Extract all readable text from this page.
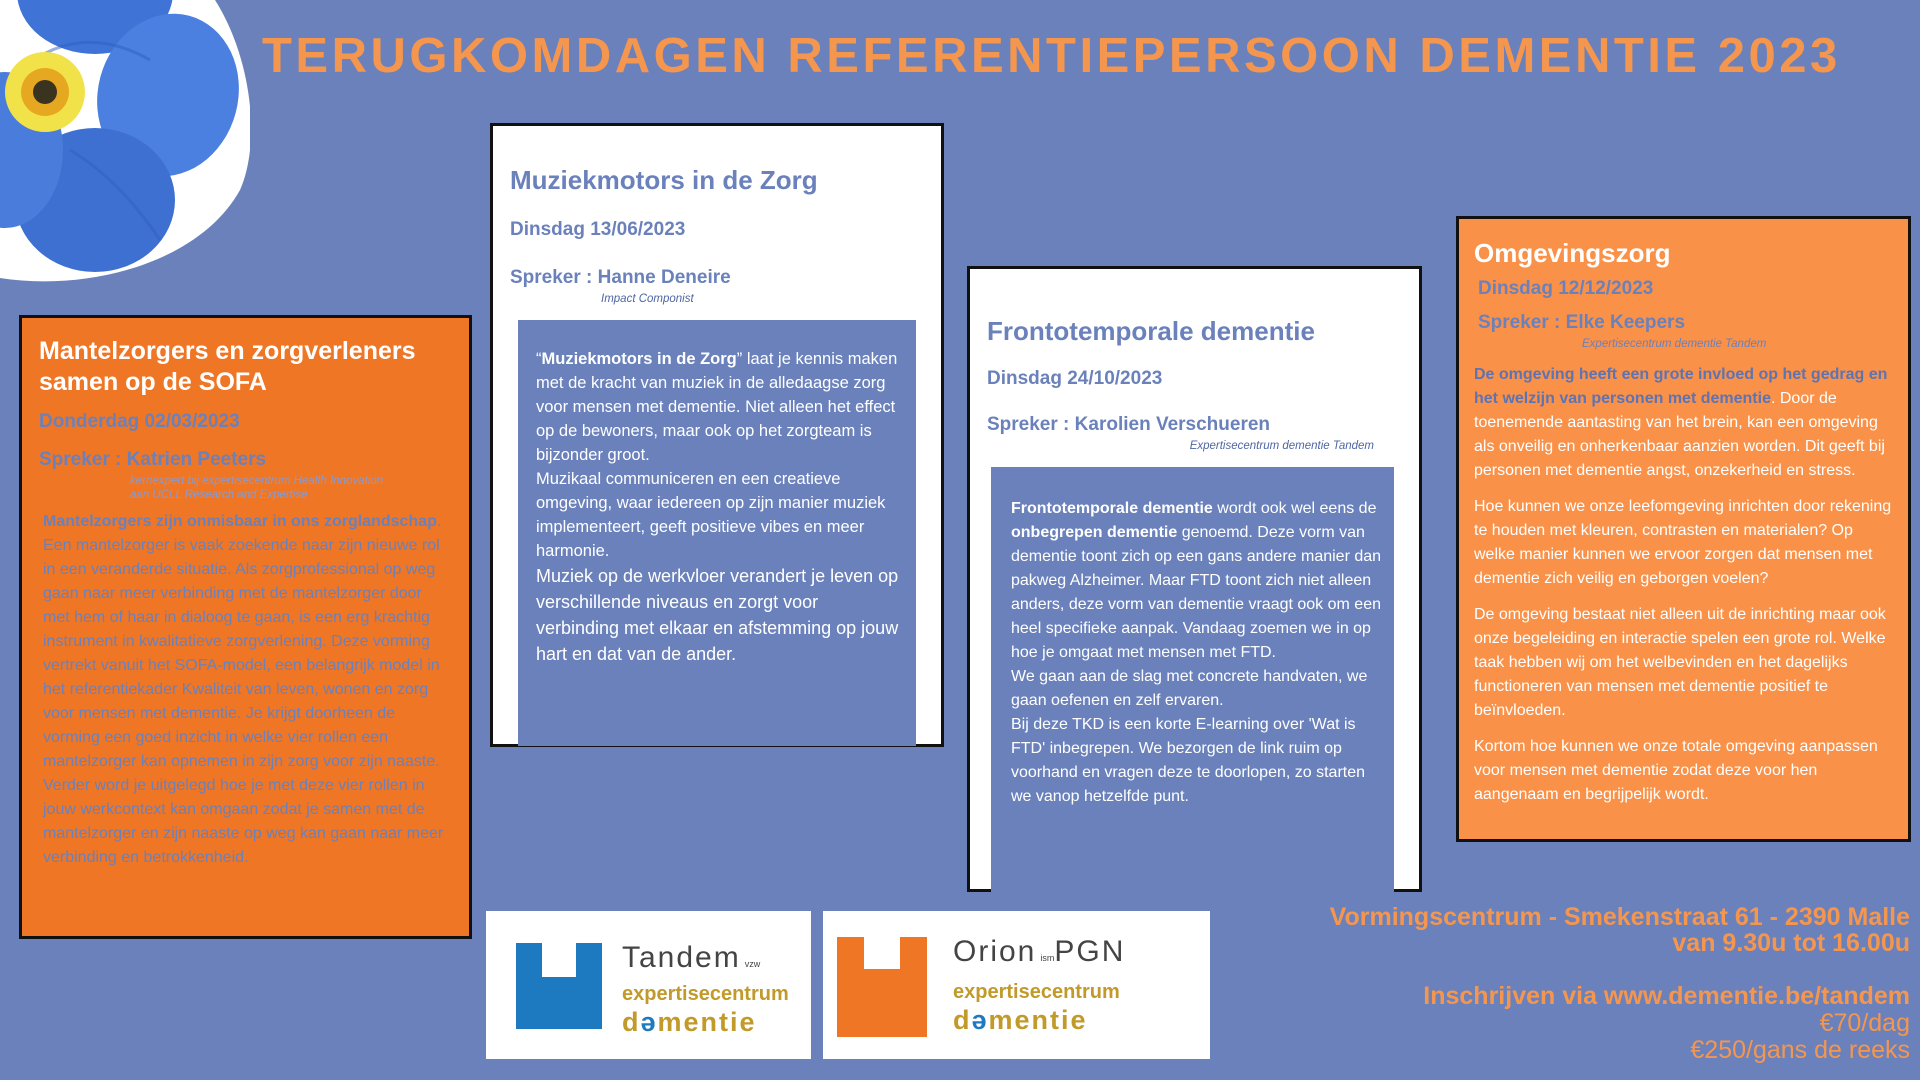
TERUGKOMDAGEN REFERENTIEPERSOON DEMENTIE 2023
Mantelzorgers en zorgverleners samen op de SOFA
Donderdag 02/03/2023
Spreker : Katrien Peeters
kernexpert bij expertisecentrum Health Innovation
aan UCLL Research and Expertise
Mantelzorgers zijn onmisbaar in ons zorglandschap. Een mantelzorger is vaak zoekende naar zijn nieuwe rol in een veranderde situatie. Als zorgprofessional op weg gaan naar meer verbinding met de mantelzorger door met hem of haar in dialoog te gaan, is een erg krachtig instrument in kwalitatieve zorgverlening. Deze vorming vertrekt vanuit het SOFA-model, een belangrijk model in het referentiekader Kwaliteit van leven, wonen en zorg voor mensen met dementie. Je krijgt doorheen de vorming een goed inzicht in welke vier rollen een mantelzorger kan opnemen in zijn zorg voor zijn naaste. Verder word je uitgelegd hoe je met deze vier rollen in jouw werkcontext kan omgaan zodat je samen met de mantelzorger en zijn naaste op weg kan gaan naar meer verbinding en betrokkenheid.
Muziekmotors in de Zorg
Dinsdag 13/06/2023
Spreker : Hanne Deneire
Impact Componist
“Muziekmotors in de Zorg” laat je kennis maken met de kracht van muziek in de alledaagse zorg voor mensen met dementie. Niet alleen het effect op de bewoners, maar ook op het zorgteam is bijzonder groot.
Muzikaal communiceren en een creatieve omgeving, waar iedereen op zijn manier muziek implementeert, geeft positieve vibes en meer harmonie.
Muziek op de werkvloer verandert je leven op verschillende niveaus en zorgt voor verbinding met elkaar en afstemming op jouw hart en dat van de ander.
Frontotemporale dementie
Dinsdag 24/10/2023
Spreker : Karolien Verschueren
Expertisecentrum dementie Tandem
Frontotemporale dementie wordt ook wel eens de onbegrepen dementie genoemd. Deze vorm van dementie toont zich op een gans andere manier dan pakweg Alzheimer. Maar FTD toont zich niet alleen anders, deze vorm van dementie vraagt ook om een heel specifieke aanpak. Vandaag zoemen we in op hoe je omgaat met mensen met FTD.
We gaan aan de slag met concrete handvaten, we gaan oefenen en zelf ervaren.
Bij deze TKD is een korte E-learning over 'Wat is FTD' inbegrepen. We bezorgen de link ruim op voorhand en vragen deze te doorlopen, zo starten we vanop hetzelfde punt.
Omgevingszorg
Dinsdag 12/12/2023
Spreker : Elke Keepers
Expertisecentrum dementie Tandem
De omgeving heeft een grote invloed op het gedrag en het welzijn van personen met dementie. Door de toenemende aantasting van het brein, kan een omgeving als onveilig en onherkenbaar aanzien worden. Dit geeft bij personen met dementie angst, onzekerheid en stress.
Hoe kunnen we onze leefomgeving inrichten door rekening te houden met kleuren, contrasten en materialen? Op welke manier kunnen we ervoor zorgen dat mensen met dementie zich veilig en geborgen voelen?
De omgeving bestaat niet alleen uit de inrichting maar ook onze begeleiding en interactie spelen een grote rol. Welke taak hebben wij om het welbevinden en het dagelijks functioneren van mensen met dementie positief te beïnvloeden.
Kortom hoe kunnen we onze totale omgeving aanpassen voor mensen met dementie zodat deze voor hen aangenaam en begrijpelijk wordt.
Tandem vzw
expertisecentrum
dəmentie
Orion ismPGN
expertisecentrum
dəmentie
Vormingscentrum - Smekenstraat 61 - 2390 Malle
van 9.30u tot 16.00u
Inschrijven via www.dementie.be/tandem
€70/dag
€250/gans de reeks
